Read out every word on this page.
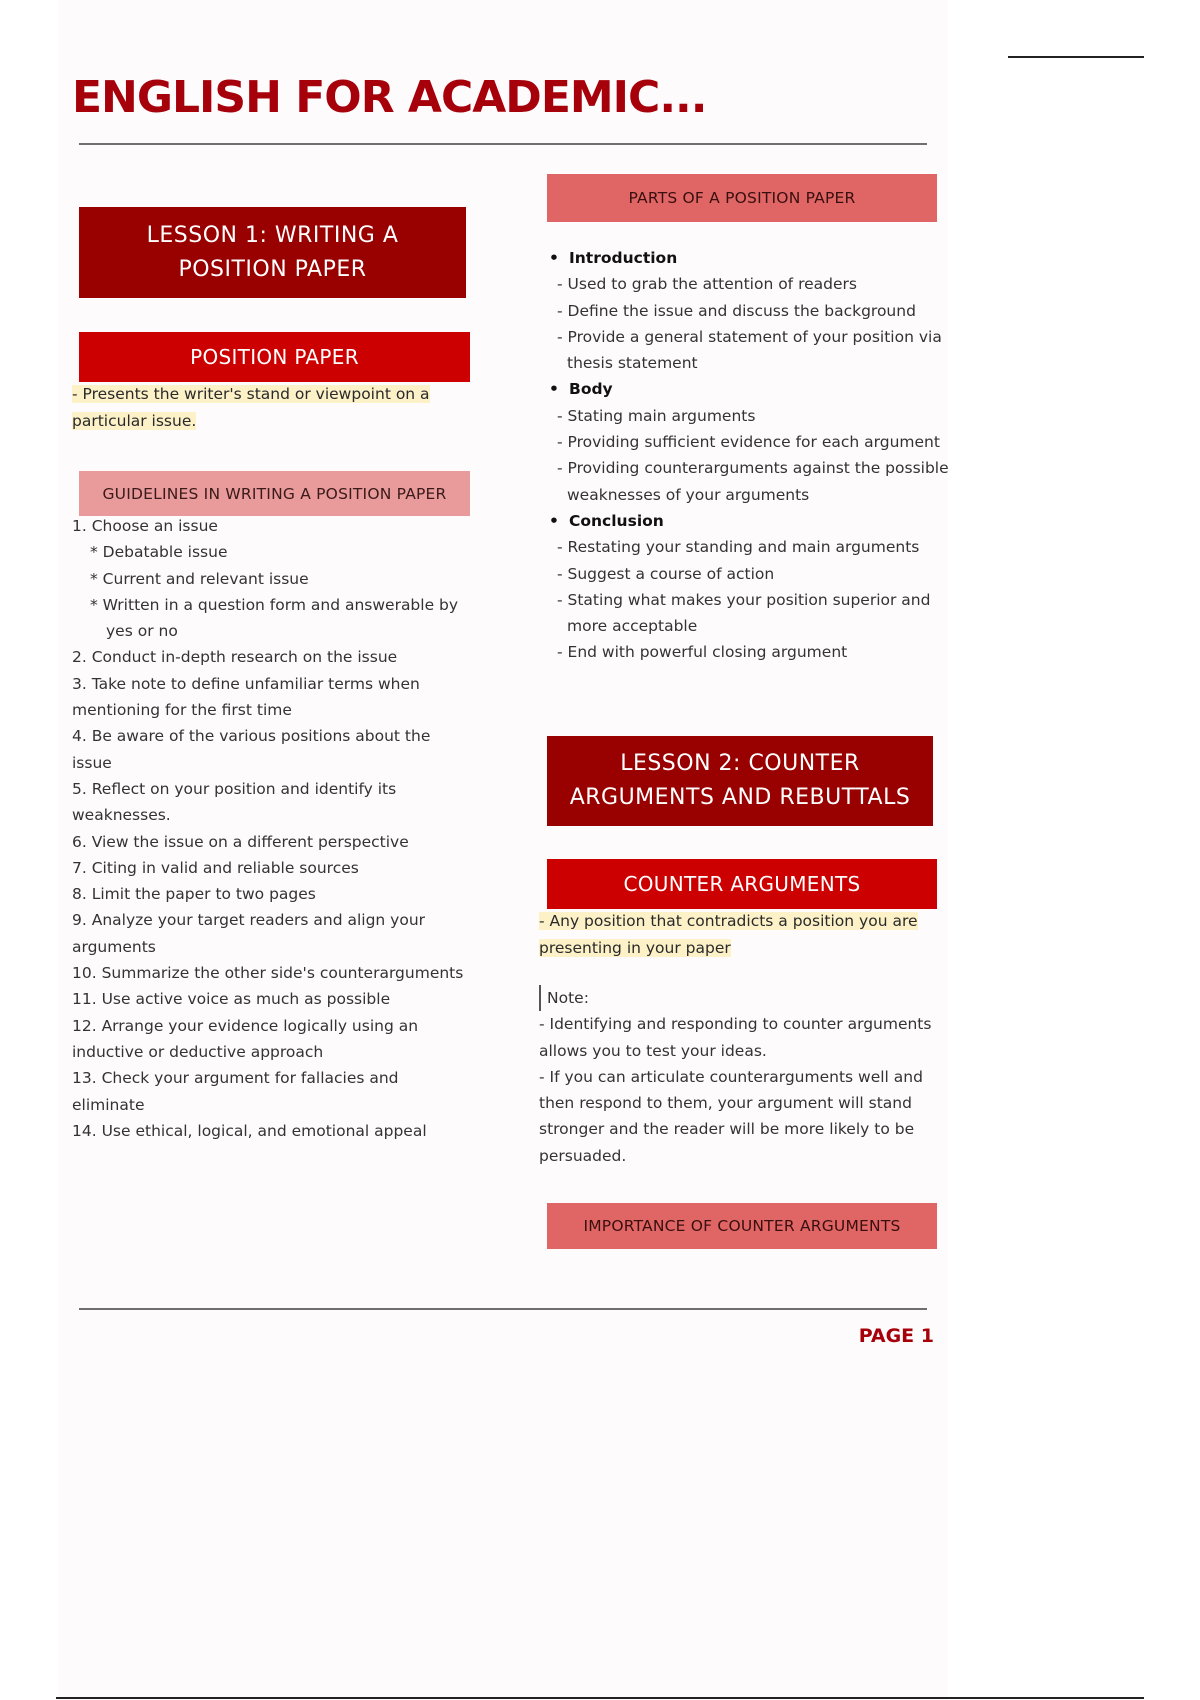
ENGLISH FOR ACADEMIC...
LESSON 1: WRITING A POSITION PAPER
POSITION PAPER

- Presents the writer's stand or viewpoint on a particular issue.

GUIDELINES IN WRITING A POSITION PAPER

1. Choose an issue

* Debatable issue

* Current and relevant issue

* Written in a question form and answerable by yes or no

2. Conduct in-depth research on the issue

3. Take note to define unfamiliar terms when mentioning for the first time

4. Be aware of the various positions about the issue

5. Reflect on your position and identify its weaknesses.

6. View the issue on a different perspective

7. Citing in valid and reliable sources

8. Limit the paper to two pages

9. Analyze your target readers and align your arguments

10. Summarize the other side's counterarguments

11. Use active voice as much as possible

12. Arrange your evidence logically using an inductive or deductive approach

13. Check your argument for fallacies and eliminate

14. Use ethical, logical, and emotional appeal

PARTS OF A POSITION PAPER

• Introduction

- Used to grab the attention of readers

- Define the issue and discuss the background

- Provide a general statement of your position via thesis statement

• Body

- Stating main arguments

- Providing sufficient evidence for each argument

- Providing counterarguments against the possible weaknesses of your arguments

• Conclusion

- Restating your standing and main arguments

- Suggest a course of action

- Stating what makes your position superior and more acceptable

- End with powerful closing argument

LESSON 2: COUNTER ARGUMENTS AND REBUTTALS
COUNTER ARGUMENTS

- Any position that contradicts a position you are presenting in your paper

Note:

- Identifying and responding to counter arguments allows you to test your ideas.

- If you can articulate counterarguments well and then respond to them, your argument will stand stronger and the reader will be more likely to be persuaded.

IMPORTANCE OF COUNTER ARGUMENTS
PAGE 1
